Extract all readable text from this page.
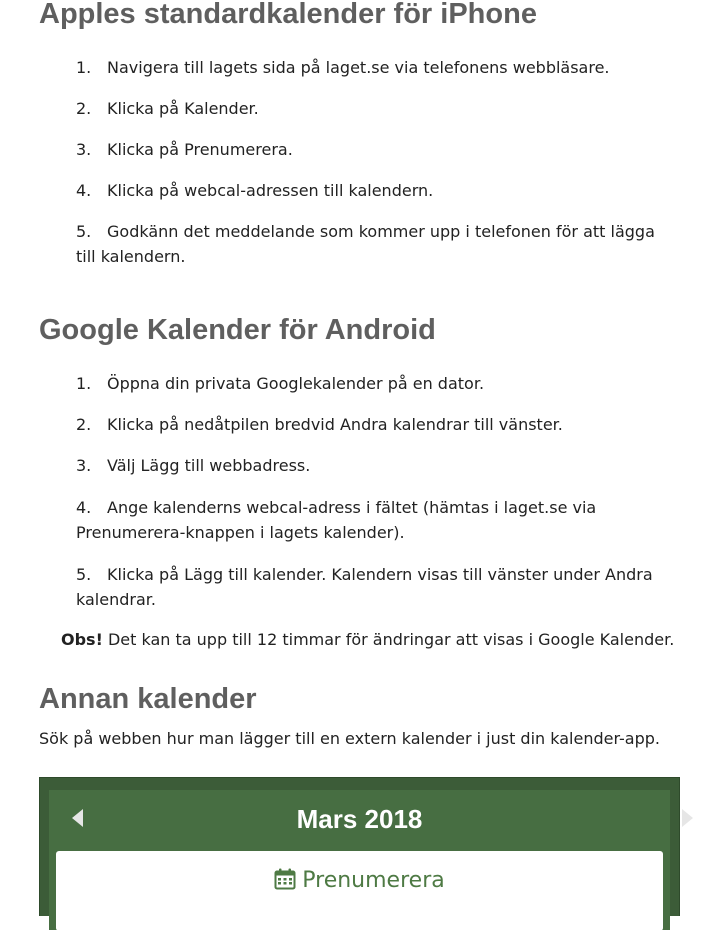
Apples standardkalender för iPhone

1. Navigera till lagets sida på laget.se via telefonens webbläsare.

2. Klicka på Kalender.

3. Klicka på Prenumerera.

4. Klicka på webcal-adressen till kalendern.

5. Godkänn det meddelande som kommer upp i telefonen för att lägga till kalendern.

Google Kalender för Android

1. Öppna din privata Googlekalender på en dator.

2. Klicka på nedåtpilen bredvid Andra kalendrar till vänster.

3. Välj Lägg till webbadress.

4. Ange kalenderns webcal-adress i fältet (hämtas i laget.se via Prenumerera-knappen i lagets kalender).

5. Klicka på Lägg till kalender. Kalendern visas till vänster under Andra kalendrar.

Obs! Det kan ta upp till 12 timmar för ändringar att visas i Google Kalender.

Annan kalender

Sök på webben hur man lägger till en extern kalender i just din kalender-app.

Mars 2018
Prenumerera
